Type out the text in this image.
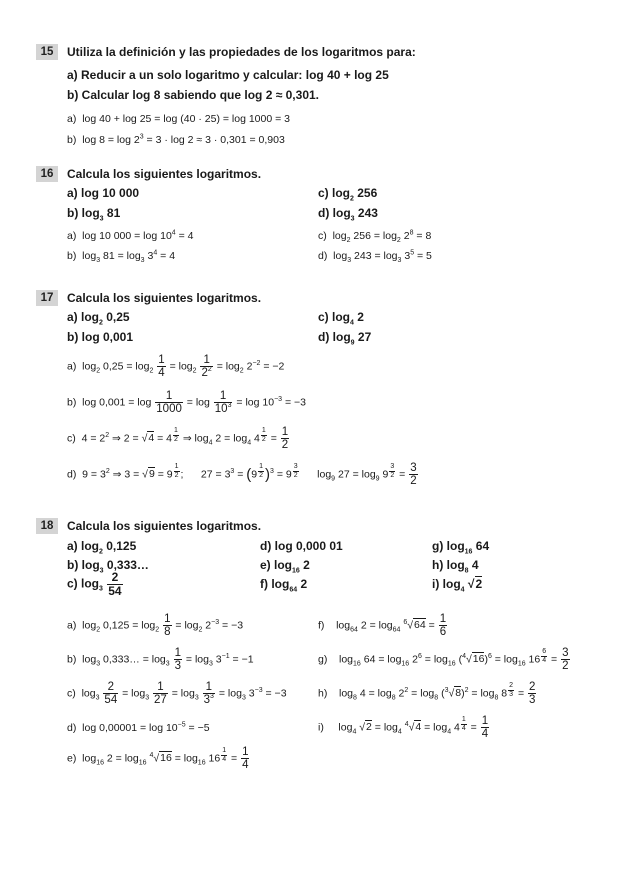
15	Utiliza la definición y las propiedades de los logaritmos para:
a) Reducir a un solo logaritmo y calcular: log 40 + log 25
b) Calcular log 8 sabiendo que log 2 ≈ 0,301.
a) log 40 + log 25 = log (40 · 25) = log 1000 = 3
b) $\log 8 = \log 2^3 = 3 \cdot \log 2 \approx 3 \cdot 0,301 = 0,903$
16	Calcula los siguientes logaritmos.
a) log 10 000
b) $\log_3 81$
c) $\log_2 256$
d) $\log_3 243$
a)  log 10 $000 = \log 10^4 = 4$
b)  $\log_3 81 = \log_3 3^4 = 4$
c)  $\log_2 256 = \log_2 2^8 = 8$
d)  $\log_3 243 = \log_3 3^5 = 5$
17	Calcula los siguientes logaritmos.
a) $\log_2 0,25$
b) log 0,001
c) $\log_4 2$
d) $\log_9 27$
a)  $\log_2 0,25 = \log_2 \frac{1}{4} = \log_2 \frac{1}{2^2} = \log_2 2^{-2} = -2$
b)  $\log 0,001 = \log \frac{1}{1000} = \log \frac{1}{10^3} = \log 10^{-3} = -3$
c)  $4 = 2^2$ ⇒ 2 = √4 = 4 $^{\frac{1}{2}}$ ⇒ $\log_4 2 = \log_4 4$ $^{\frac{1}{2}} = \frac{1}{2}$
d)  $9 = 3^2$ ⇒ 3 = √9 = 9 $^{\frac{1}{2}}$ ;      $27 = 3^3 = (9$ $^{\frac{1}{2}}$ )$^3$ = 9 $^{\frac{3}{2}}$ $\log_9 27 = \log_9 9$ $^{\frac{3}{2}} = \frac{3}{2}$
18	Calcula los siguientes logaritmos.
a) $\log_2 0,125$
b) $\log_3$ 0,333…
c) $\log_3 \frac{2}{54}$
d) log 0,000 01
e) $\log_{16} 2$
f) $\log_{64} 2$
g) $\log_{16} 64$
h) $\log_8 4$
i) $\log_4 √2$
a)  $\log_2 0,125 = \log_2 \frac{1}{8} = \log_2 2^{-3} = -3$
b)  $\log_3$ 0,333… = $\log_3 \frac{1}{3} = \log_3 3^{-1} = -1$
c)  $\log_3 \frac{2}{54} = \log_3 \frac{1}{27} = \log_3 \frac{1}{3^3} = \log_3 3^{-3} = -3$
d)  $\log 0,00001 = \log 10^{-5} = -5$
e)  $\log_{16} 2 = \log_{16} ^4√16 = \log_{16} 16$ $^{\frac{1}{4}} = \frac{1}{4}$
f)    $\log_{64} 2 = \log_{64} ^6√64 = \frac{1}{6}$
g)    $\log_{16} 64 = \log_{16} 2^6 = \log_{16} (^4√16)^6 = \log_{16} 16$ $^{\frac{6}{4}} = \frac{3}{2}$
h)    $\log_8 4 = \log_8 2^2 = \log_8 (^3√8)^2 = \log_8 8$ $^{\frac{2}{3}} = \frac{2}{3}$
i)     $\log_4 √2 = \log_4 ^4√4 = \log_4 4$ $^{\frac{1}{4}} = \frac{1}{4}$
